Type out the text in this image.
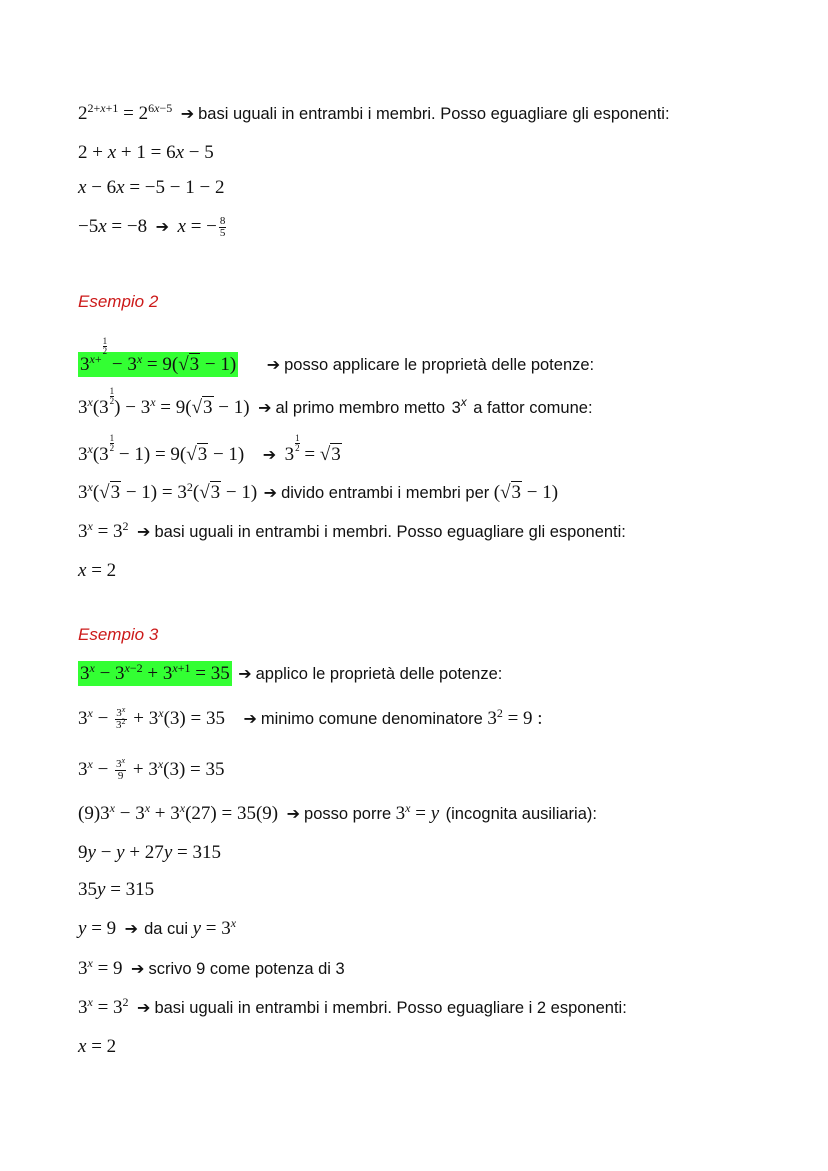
$2^{2+x+1} = 2^{6x-5}$ ➔ basi uguali in entrambi i membri. Posso eguagliare gli esponenti:
2 + x + 1 = 6x − 5
x − 6x = −5 − 1 − 2
−5x = −8 ➔ x = − $\frac{8}{5}$
Esempio 2
$3^{x+ \frac{1}{2}}$
− $3^x = 9(√3 - 1)$ ➔ posso applicare le proprietà delle potenze:
3$^x$(3
$\frac{1}{2}$
) − $3^x = 9(√3 - 1)$ ➔ al primo membro metto 3$^x$ a fattor comune:
3$^x$(3
$\frac{1}{2}$
− 1) = 9(√3 − 1) ➔ 3
$\frac{1}{2}$
= √3
$3^x(√3 - 1) = 3^2(√3 - 1)$ ➔ divido entrambi i membri per (√3 − 1)
$3^x = 3^2$ ➔ basi uguali in entrambi i membri. Posso eguagliare gli esponenti:
x = 2
Esempio 3
$3^x - 3^{x-2} + 3^{x+1} = 35$ ➔ applico le proprietà delle potenze:
$3^x - \frac{3^x}{3^2} + 3^x(3) = 35$ ➔ minimo comune denominatore $3^2 = 9$ :
$3^x - \frac{3^x}{9} + 3^x(3) = 35$
$(9)3^x - 3^x + 3^x(27) = 35(9)$ ➔ posso porre $3^x = y$ (incognita ausiliaria):
9y − y + 27y = 315
35y = 315
y = 9 ➔ da cui $y = 3^x$
$3^x = 9$ ➔ scrivo 9 come potenza di 3
$3^x = 3^2$ ➔ basi uguali in entrambi i membri. Posso eguagliare i 2 esponenti:
x = 2
